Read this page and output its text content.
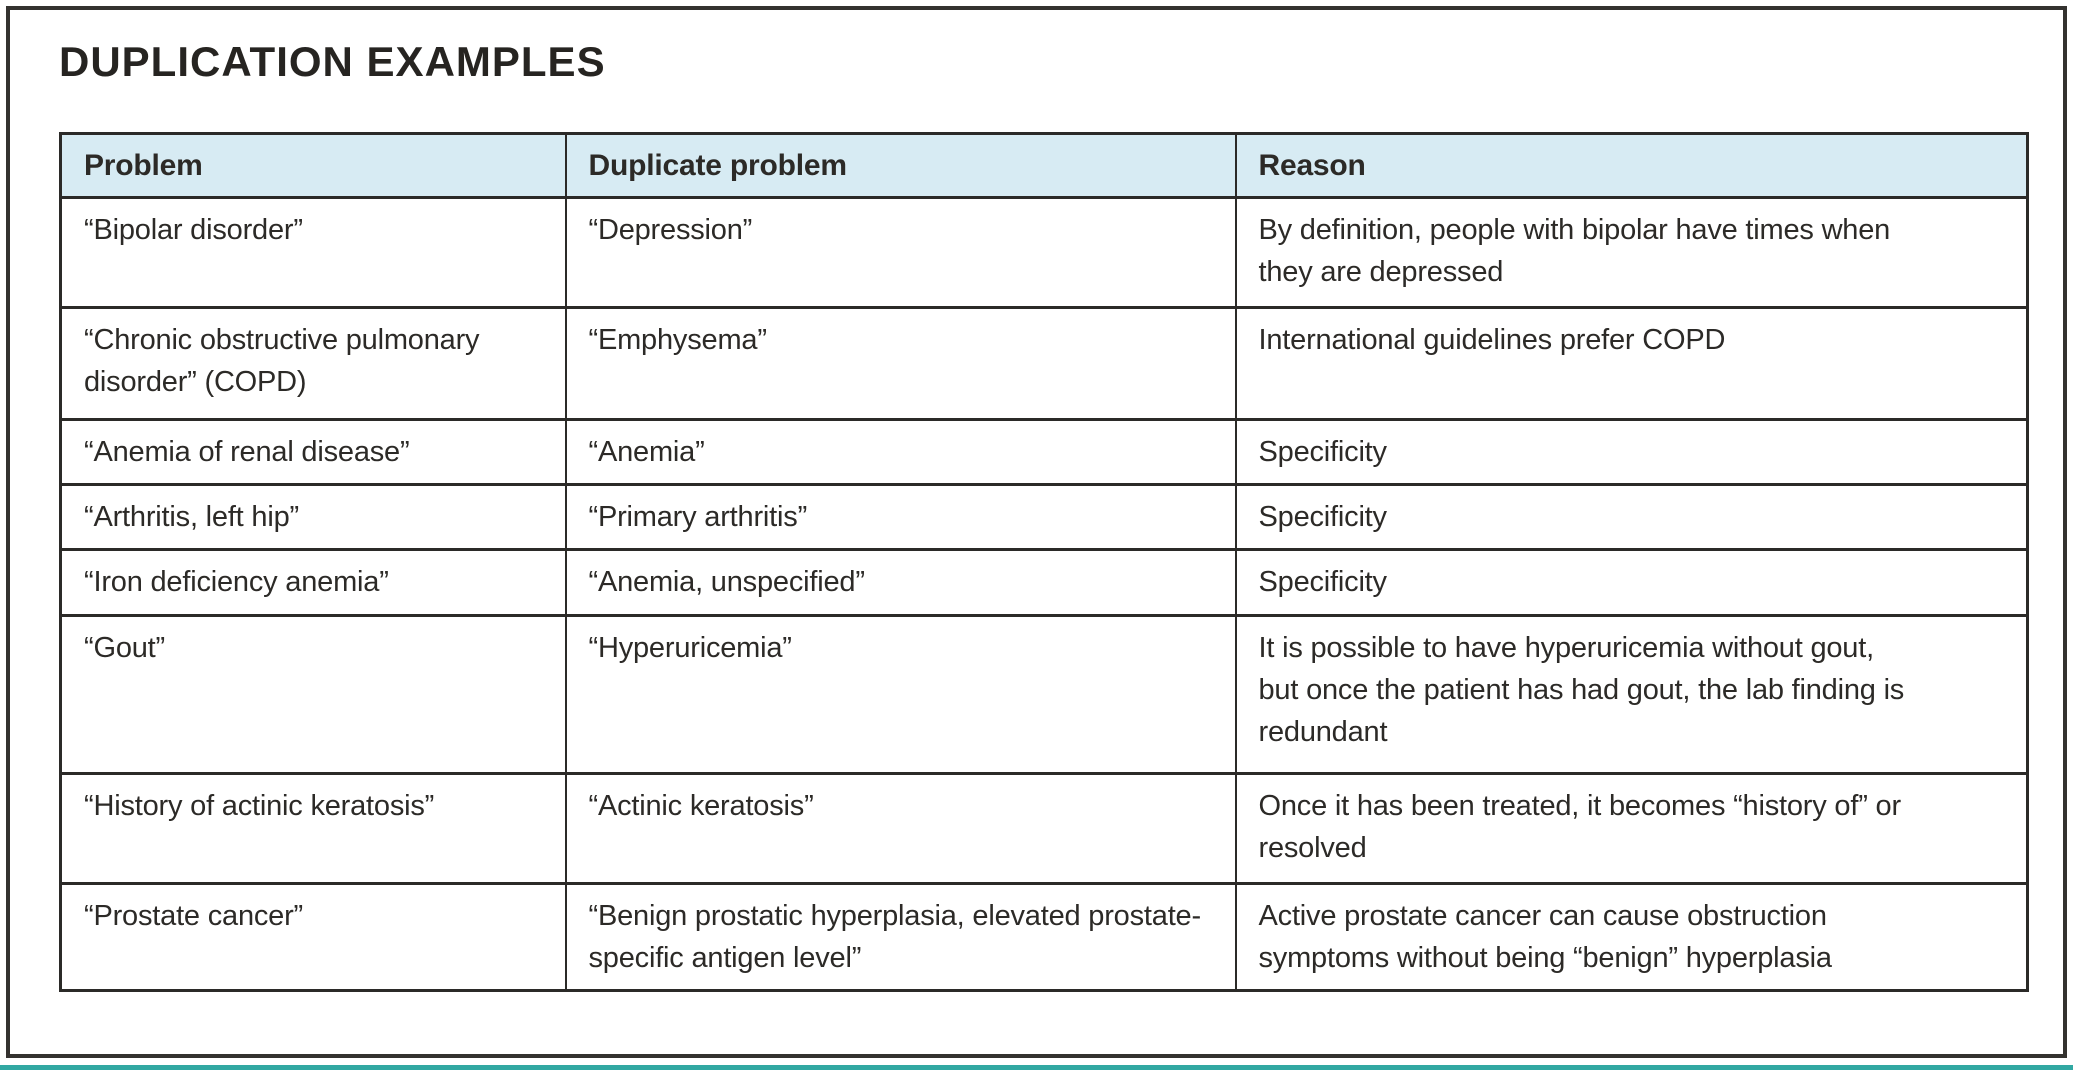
DUPLICATION EXAMPLES
Problem	Duplicate problem	Reason
“Bipolar disorder”	“Depression”	By definition, people with bipolar have times when they are depressed
“Chronic obstructive pulmonary disorder” (COPD)	“Emphysema”	International guidelines prefer COPD
“Anemia of renal disease”	“Anemia”	Specificity
“Arthritis, left hip”	“Primary arthritis”	Specificity
“Iron deficiency anemia”	“Anemia, unspecified”	Specificity
“Gout”	“Hyperuricemia”	It is possible to have hyperuricemia without gout, but once the patient has had gout, the lab finding is redundant
“History of actinic keratosis”	“Actinic keratosis”	Once it has been treated, it becomes “history of” or resolved
“Prostate cancer”	“Benign prostatic hyperplasia, elevated prostate-specific antigen level”	Active prostate cancer can cause obstruction symptoms without being “benign” hyperplasia
